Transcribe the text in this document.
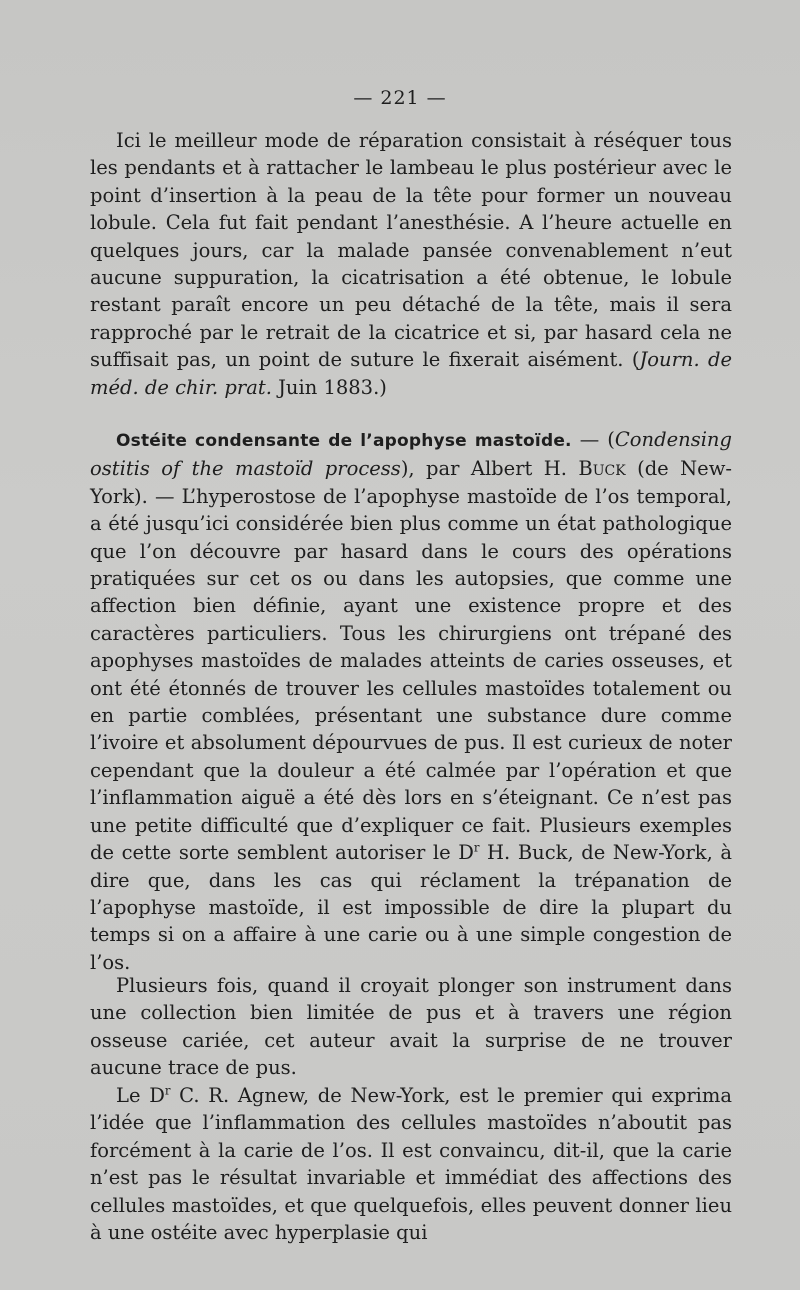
— 221 —

Ici le meilleur mode de réparation consistait à réséquer tous les pendants et à rattacher le lambeau le plus postérieur avec le point d’insertion à la peau de la tête pour former un nouveau lobule. Cela fut fait pendant l’anesthésie. A l’heure actuelle en quelques jours, car la malade pansée convenablement n’eut aucune suppuration, la cicatrisation a été obtenue, le lobule restant paraît encore un peu détaché de la tête, mais il sera rapproché par le retrait de la cicatrice et si, par hasard cela ne suffisait pas, un point de suture le fixerait aisément. (Journ. de méd. de chir. prat. Juin 1883.)

Ostéite condensante de l’apophyse mastoïde. — (Condensing ostitis of the mastoïd process), par Albert H. Buck (de New-York). — L’hyperostose de l’apophyse mastoïde de l’os temporal, a été jusqu’ici considérée bien plus comme un état pathologique que l’on découvre par hasard dans le cours des opérations pratiquées sur cet os ou dans les autopsies, que comme une affection bien définie, ayant une existence propre et des caractères particuliers. Tous les chirurgiens ont trépané des apophyses mastoïdes de malades atteints de caries osseuses, et ont été étonnés de trouver les cellules mastoïdes totalement ou en partie comblées, présentant une substance dure comme l’ivoire et absolument dépourvues de pus. Il est curieux de noter cependant que la douleur a été calmée par l’opération et que l’inflammation aiguë a été dès lors en s’éteignant. Ce n’est pas une petite difficulté que d’expliquer ce fait. Plusieurs exemples de cette sorte semblent autoriser le $D^r$ H. Buck, de New-York, à dire que, dans les cas qui réclament la trépanation de l’apophyse mastoïde, il est impossible de dire la plupart du temps si on a affaire à une carie ou à une simple congestion de l’os.

Plusieurs fois, quand il croyait plonger son instrument dans une collection bien limitée de pus et à travers une région osseuse cariée, cet auteur avait la surprise de ne trouver aucune trace de pus.

Le $D^r$ C. R. Agnew, de New-York, est le premier qui exprima l’idée que l’inflammation des cellules mastoïdes n’aboutit pas forcément à la carie de l’os. Il est convaincu, dit-il, que la carie n’est pas le résultat invariable et immédiat des affections des cellules mastoïdes, et que quelquefois, elles peuvent donner lieu à une ostéite avec hyperplasie qui
